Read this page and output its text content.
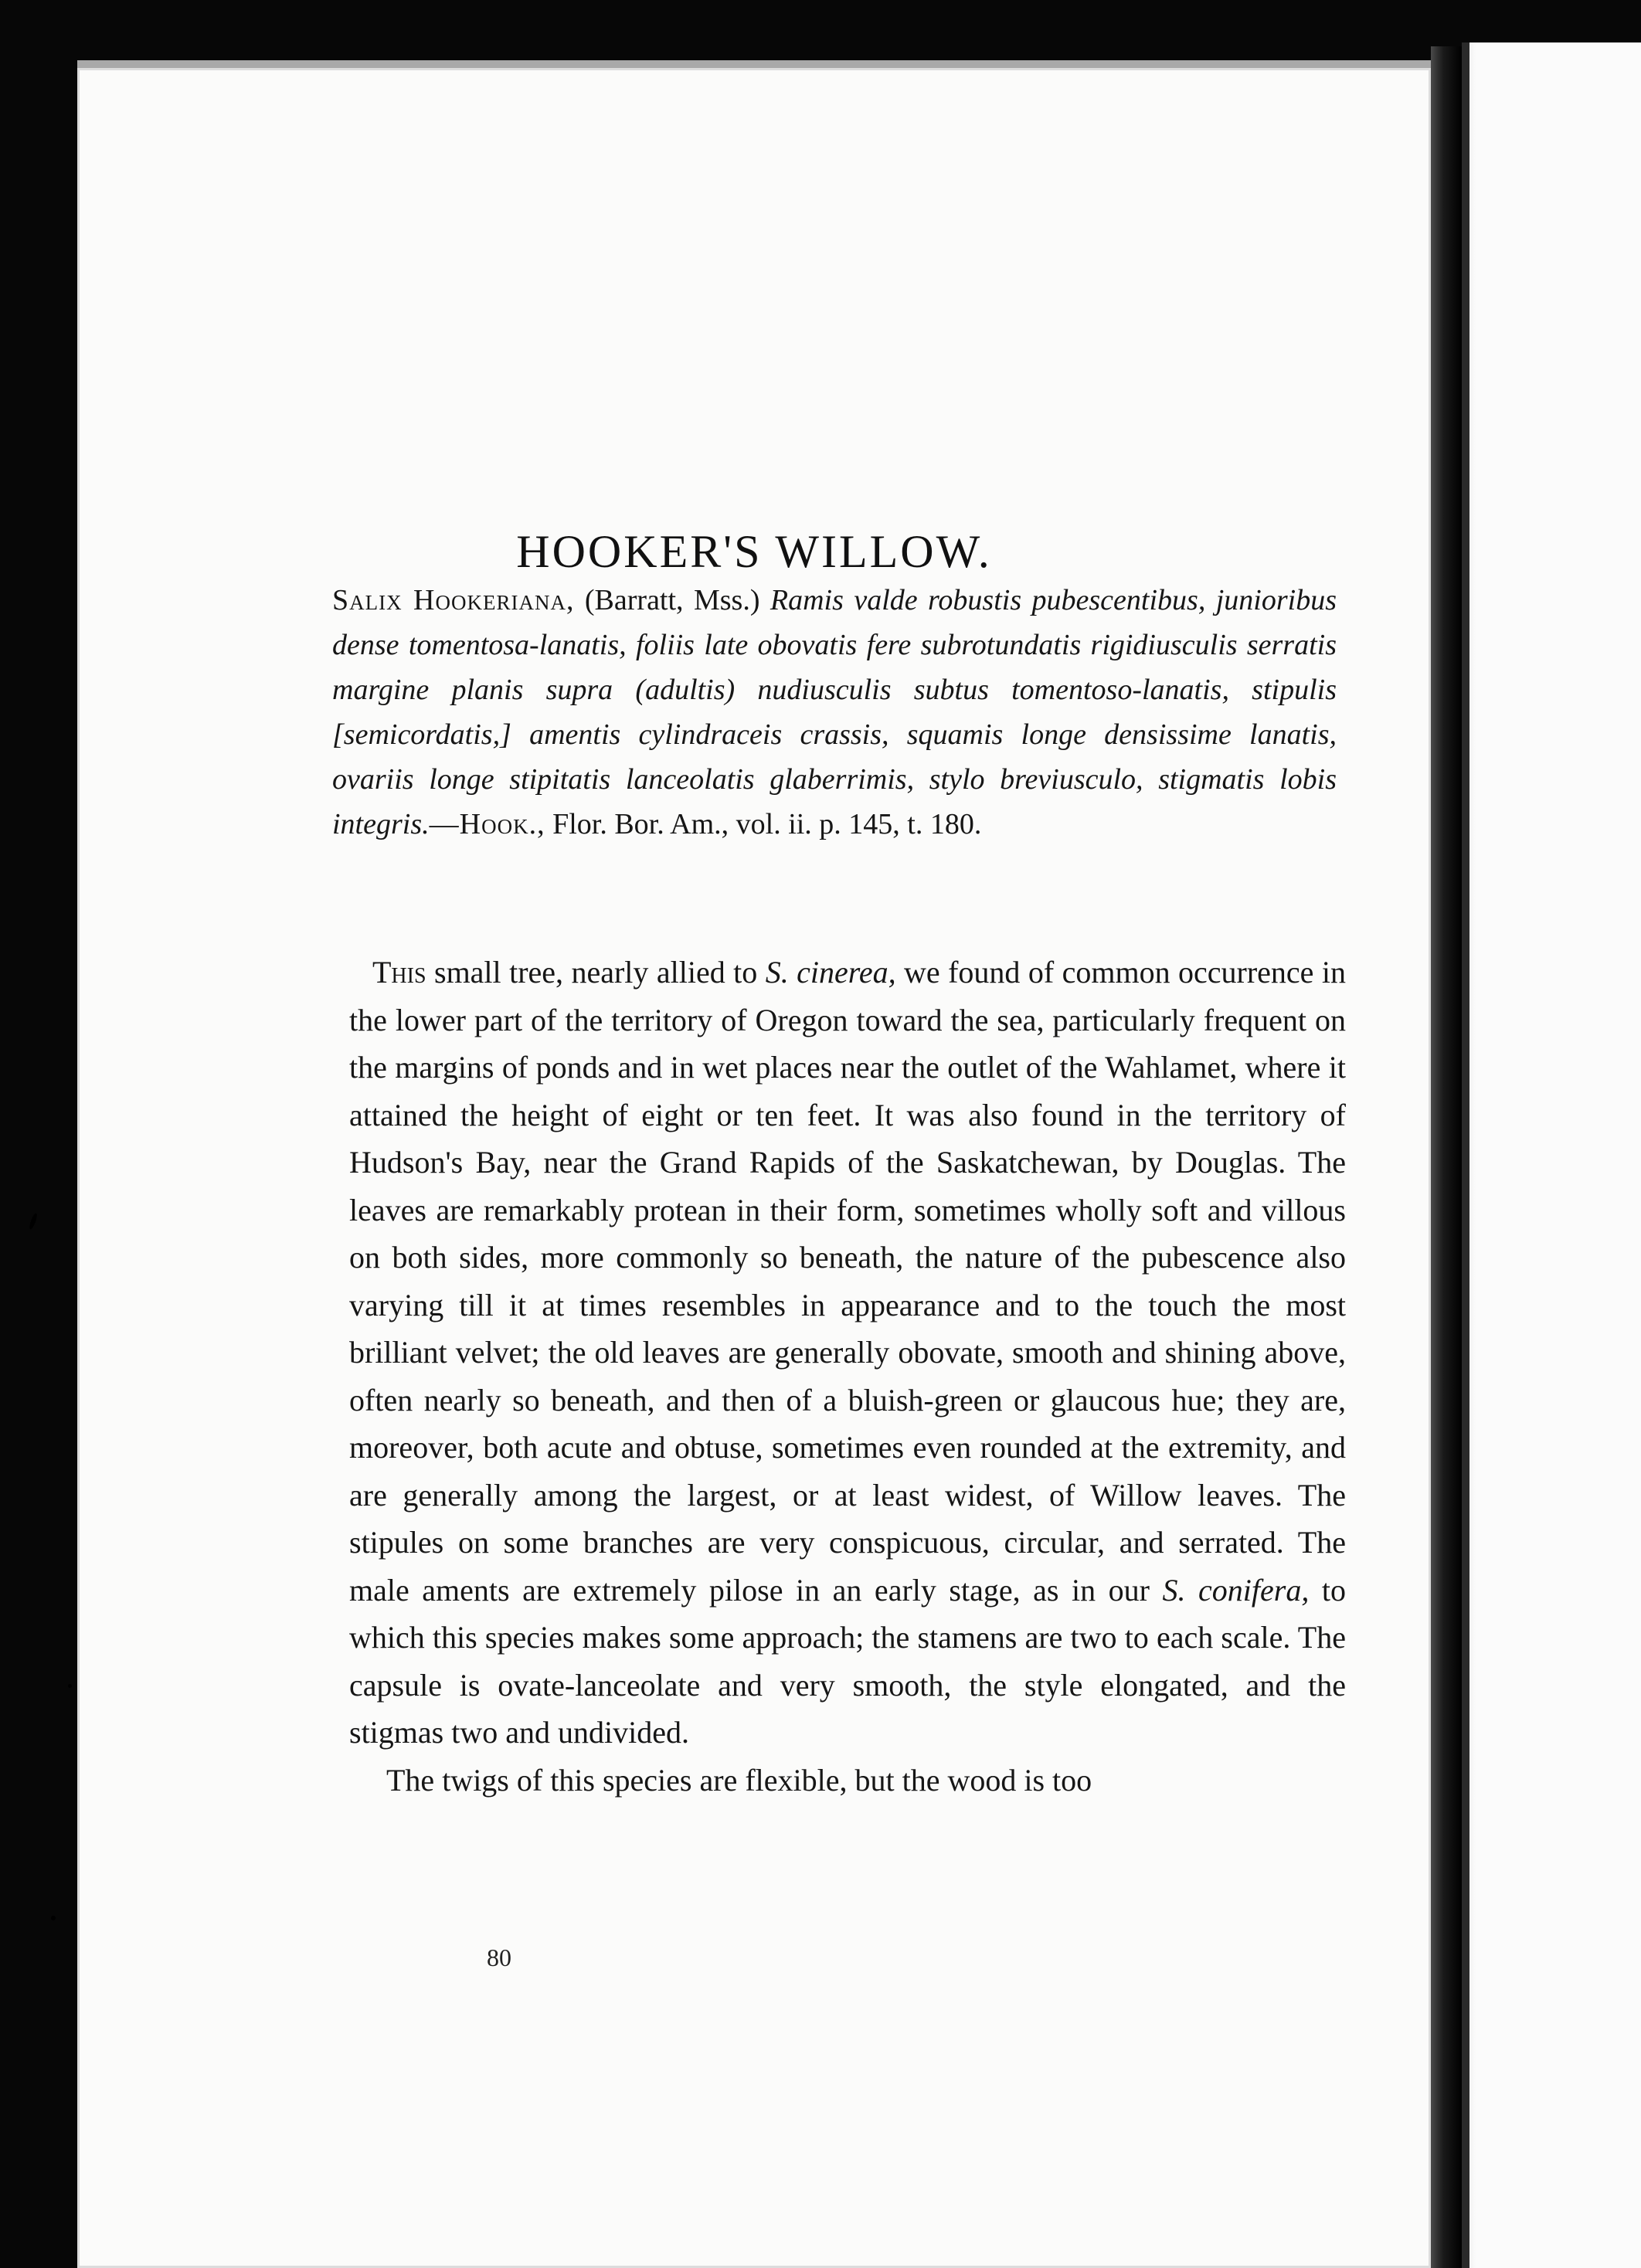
HOOKER'S WILLOW.
Salix Hookeriana, (Barratt, Mss.) Ramis valde robustis pubescentibus, junioribus dense tomentosa-lanatis, foliis late obovatis fere subrotundatis rigidiusculis serratis margine planis supra (adultis) nudiusculis subtus tomentoso-lanatis, stipulis [semicordatis,] amentis cylindraceis crassis, squamis longe densissime lanatis, ovariis longe stipitatis lanceolatis glaberrimis, stylo breviusculo, stigmatis lobis integris.—Hook., Flor. Bor. Am., vol. ii. p. 145, t. 180.

This small tree, nearly allied to S. cinerea, we found of common occurrence in the lower part of the territory of Oregon toward the sea, particularly frequent on the margins of ponds and in wet places near the outlet of the Wahlamet, where it attained the height of eight or ten feet. It was also found in the territory of Hudson's Bay, near the Grand Rapids of the Saskatchewan, by Douglas. The leaves are remarkably protean in their form, sometimes wholly soft and villous on both sides, more commonly so beneath, the nature of the pubescence also varying till it at times resembles in appearance and to the touch the most brilliant velvet; the old leaves are generally obovate, smooth and shining above, often nearly so beneath, and then of a bluish-green or glaucous hue; they are, moreover, both acute and obtuse, sometimes even rounded at the extremity, and are generally among the largest, or at least widest, of Willow leaves. The stipules on some branches are very conspicuous, circular, and serrated. The male aments are extremely pilose in an early stage, as in our S. conifera, to which this species makes some approach; the stamens are two to each scale. The capsule is ovate-lanceolate and very smooth, the style elongated, and the stigmas two and undivided.

The twigs of this species are flexible, but the wood is too

80
